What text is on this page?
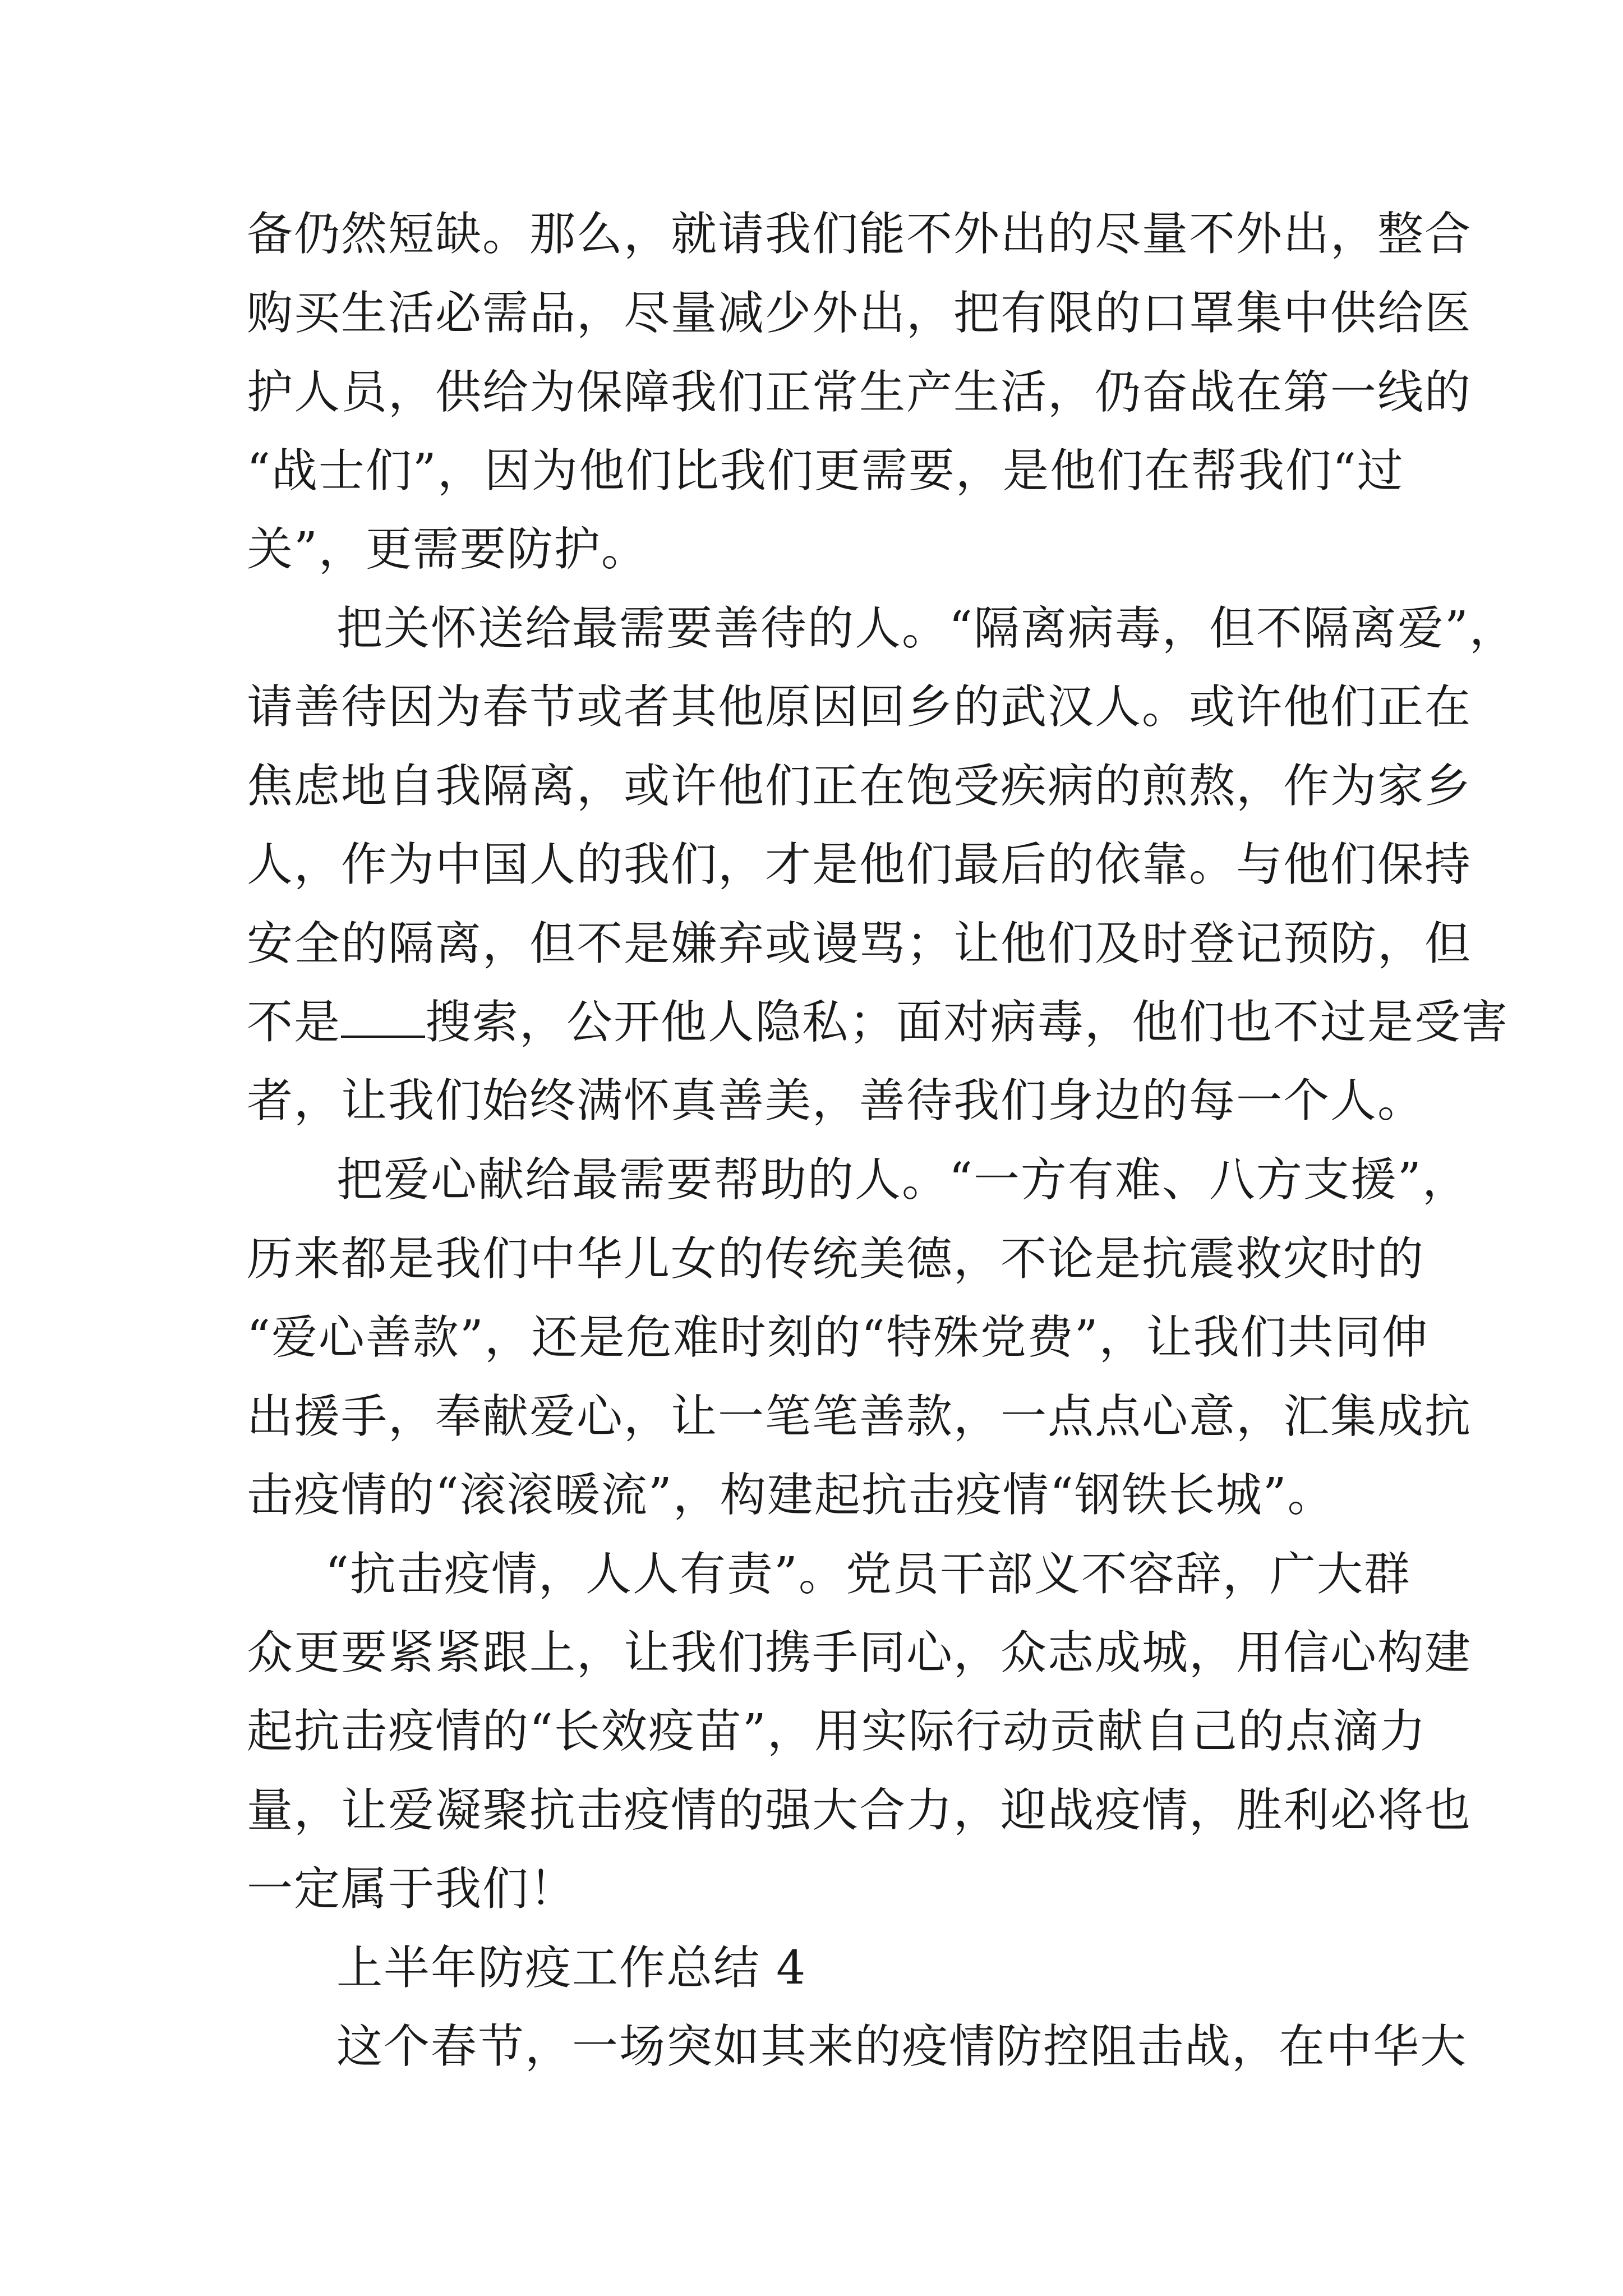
备仍然短缺。那么，就请我们能不外出的尽量不外出，整合
购买生活必需品，尽量减少外出，把有限的口罩集中供给医
护人员，供给为保障我们正常生产生活，仍奋战在第一线的
“战士们”，因为他们比我们更需要，是他们在帮我们“过
关”，更需要防护。
把关怀送给最需要善待的人。“隔离病毒，但不隔离爱”，
请善待因为春节或者其他原因回乡的武汉人。或许他们正在
焦虑地自我隔离，或许他们正在饱受疾病的煎熬，作为家乡
人，作为中国人的我们，才是他们最后的依靠。与他们保持
安全的隔离，但不是嫌弃或谩骂；让他们及时登记预防，但
不是 搜索，公开他人隐私；面对病毒，他们也不过是受害
者，让我们始终满怀真善美，善待我们身边的每一个人。
把爱心献给最需要帮助的人。“一方有难、八方支援”，
历来都是我们中华儿女的传统美德，不论是抗震救灾时的
“爱心善款”，还是危难时刻的“特殊党费”，让我们共同伸
出援手，奉献爱心，让一笔笔善款，一点点心意，汇集成抗
击疫情的“滚滚暖流”，构建起抗击疫情“钢铁长城”。
“抗击疫情，人人有责”。党员干部义不容辞，广大群
众更要紧紧跟上，让我们携手同心，众志成城，用信心构建
起抗击疫情的“长效疫苗”，用实际行动贡献自己的点滴力
量，让爱凝聚抗击疫情的强大合力，迎战疫情，胜利必将也
一定属于我们！
上半年防疫工作总结 4
这个春节，一场突如其来的疫情防控阻击战，在中华大
